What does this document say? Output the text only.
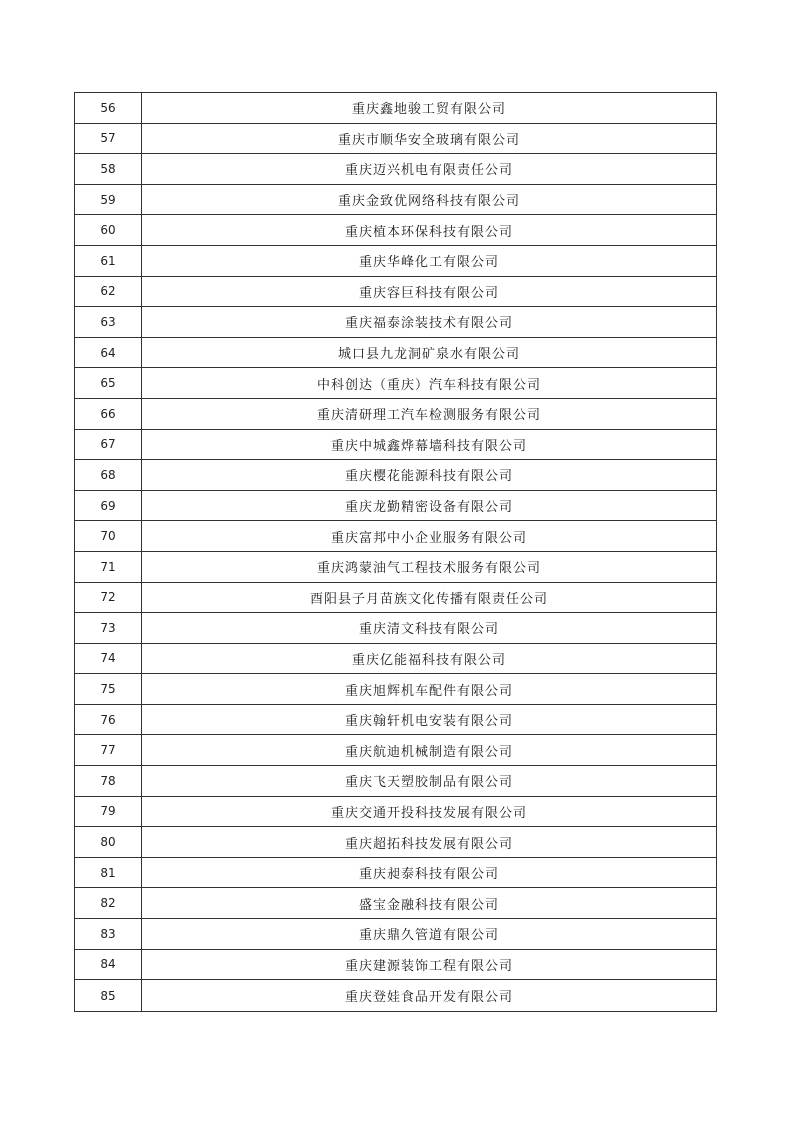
56	重庆鑫地骏工贸有限公司
57	重庆市顺华安全玻璃有限公司
58	重庆迈兴机电有限责任公司
59	重庆金致优网络科技有限公司
60	重庆植本环保科技有限公司
61	重庆华峰化工有限公司
62	重庆容巨科技有限公司
63	重庆福泰涂装技术有限公司
64	城口县九龙洞矿泉水有限公司
65	中科创达（重庆）汽车科技有限公司
66	重庆清研理工汽车检测服务有限公司
67	重庆中城鑫烨幕墙科技有限公司
68	重庆樱花能源科技有限公司
69	重庆龙勤精密设备有限公司
70	重庆富邦中小企业服务有限公司
71	重庆鸿蒙油气工程技术服务有限公司
72	酉阳县子月苗族文化传播有限责任公司
73	重庆清文科技有限公司
74	重庆亿能福科技有限公司
75	重庆旭辉机车配件有限公司
76	重庆翰轩机电安装有限公司
77	重庆航迪机械制造有限公司
78	重庆飞天塑胶制品有限公司
79	重庆交通开投科技发展有限公司
80	重庆超拓科技发展有限公司
81	重庆昶泰科技有限公司
82	盛宝金融科技有限公司
83	重庆鼎久管道有限公司
84	重庆建源装饰工程有限公司
85	重庆登娃食品开发有限公司
